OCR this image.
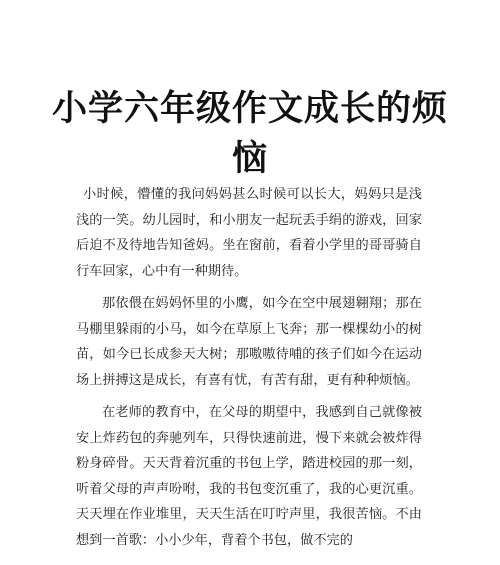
小学六年级作文成长的烦恼

小时候，懵懂的我问妈妈甚么时候可以长大，妈妈只是浅浅的一笑。幼儿园时，和小朋友一起玩丢手绢的游戏，回家后迫不及待地告知爸妈。坐在窗前，看着小学里的哥哥骑自行车回家，心中有一种期待。

那依偎在妈妈怀里的小鹰，如今在空中展翅翱翔；那在马棚里躲雨的小马，如今在草原上飞奔；那一棵棵幼小的树苗，如今已长成参天大树；那嗷嗷待哺的孩子们如今在运动场上拼搏这是成长，有喜有忧，有苦有甜，更有种种烦恼。

在老师的教育中，在父母的期望中，我感到自己就像被安上炸药包的奔驰列车，只得快速前进，慢下来就会被炸得粉身碎骨。天天背着沉重的书包上学，踏进校园的那一刻，听着父母的声声吩咐，我的书包变沉重了，我的心更沉重。天天埋在作业堆里，天天生活在叮咛声里，我很苦恼。不由想到一首歌：小小少年，背着个书包，做不完的
